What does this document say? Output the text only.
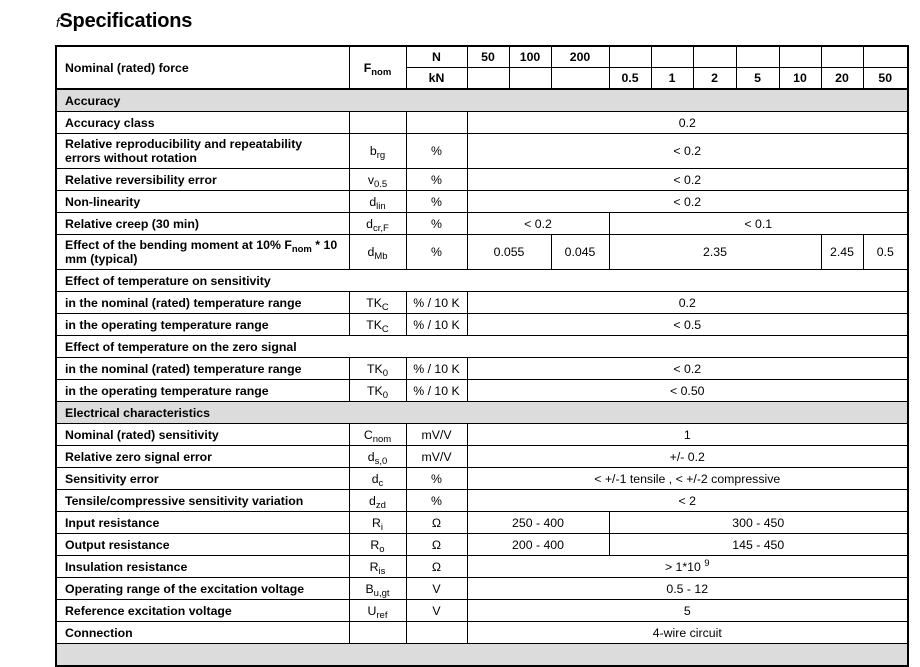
fSpecifications
Nominal (rated) force	$F_{nom}$	N	50	100	200							
		kN				0.5	1	2	5	10	20	50
Accuracy												
Accuracy class			0.2									
Relative reproducibility and repeatability errors without rotation	$b_{rg}$	%	< 0.2									
Relative reversibility error	$v_{0.5}$	%	< 0.2									
Non-linearity	$d_{lin}$	%	< 0.2									
Relative creep (30 min)	$d_{cr,F}$	%	< 0.2			< 0.1						
Effect of the bending moment at 10% $F_{nom} * 10$ mm (typical)	$d_{Mb}$	%	0.055		0.045	2.35					2.45	0.5
Effect of temperature on sensitivity												
in the nominal (rated) temperature range	$TK_C$	% / 10 K	0.2									
in the operating temperature range	$TK_C$	% / 10 K	< 0.5									
Effect of temperature on the zero signal												
in the nominal (rated) temperature range	$TK_0$	% / 10 K	< 0.2									
in the operating temperature range	$TK_0$	% / 10 K	< 0.50									
Electrical characteristics												
Nominal (rated) sensitivity	$C_{nom}$	mV/V	1									
Relative zero signal error	$d_{s,0}$	mV/V	+/- 0.2									
Sensitivity error	$d_c$	%	< +/-1 tensile , < +/-2 compressive									
Tensile/compressive sensitivity variation	$d_{zd}$	%	< 2									
Input resistance	$R_i$	Ω	250 - 400			300 - 450						
Output resistance	$R_o$	Ω	200 - 400			145 - 450						
Insulation resistance	$R_{is}$	Ω	> 1*10 $^9$
Operating range of the excitation voltage	$B_{u,gt}$	V	0.5 - 12									
Reference excitation voltage	$U_{ref}$	V	5									
Connection			4-wire circuit									
